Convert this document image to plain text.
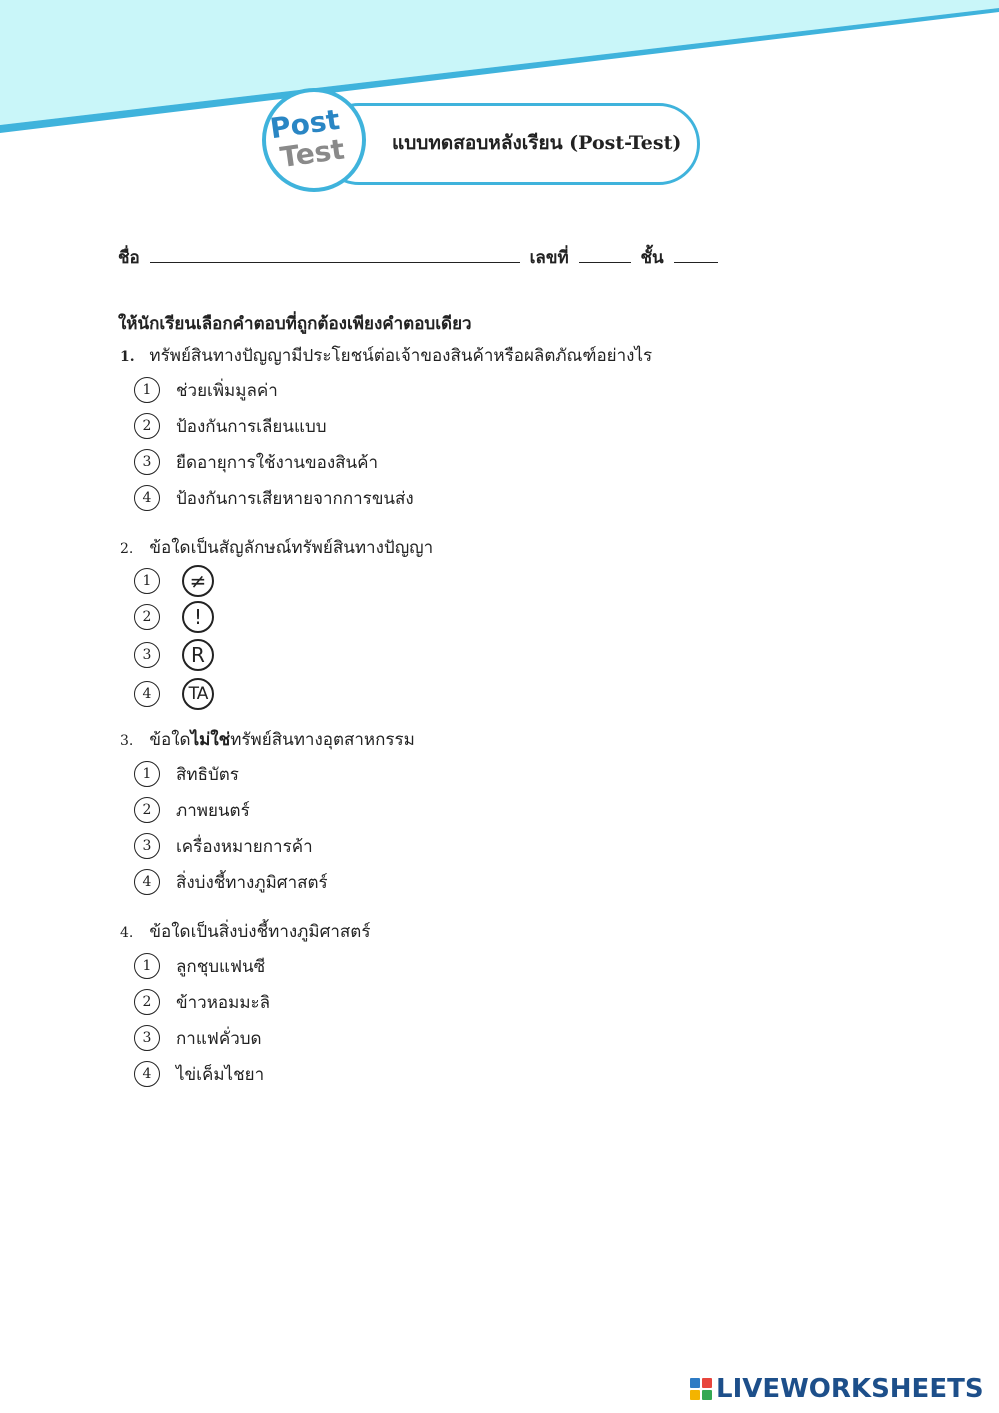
แบบทดสอบหลังเรียน (Post-Test)
Post
Test
ชื่อ	เลขที่	ชั้น
ให้นักเรียนเลือกคำตอบที่ถูกต้องเพียงคำตอบเดียว
1. ทรัพย์สินทางปัญญามีประโยชน์ต่อเจ้าของสินค้าหรือผลิตภัณฑ์อย่างไร
1	ช่วยเพิ่มมูลค่า
2	ป้องกันการเลียนแบบ
3	ยืดอายุการใช้งานของสินค้า
4	ป้องกันการเสียหายจากการขนส่ง
2. ข้อใดเป็นสัญลักษณ์ทรัพย์สินทางปัญญา
1	≠
2	!
3	R
4	TA
3. ข้อใดไม่ใช่ทรัพย์สินทางอุตสาหกรรม
1	สิทธิบัตร
2	ภาพยนตร์
3	เครื่องหมายการค้า
4	สิ่งบ่งชี้ทางภูมิศาสตร์
4. ข้อใดเป็นสิ่งบ่งชี้ทางภูมิศาสตร์
1	ลูกชุบแฟนซี
2	ข้าวหอมมะลิ
3	กาแฟคั่วบด
4	ไข่เค็มไชยา
LIVEWORKSHEETS
